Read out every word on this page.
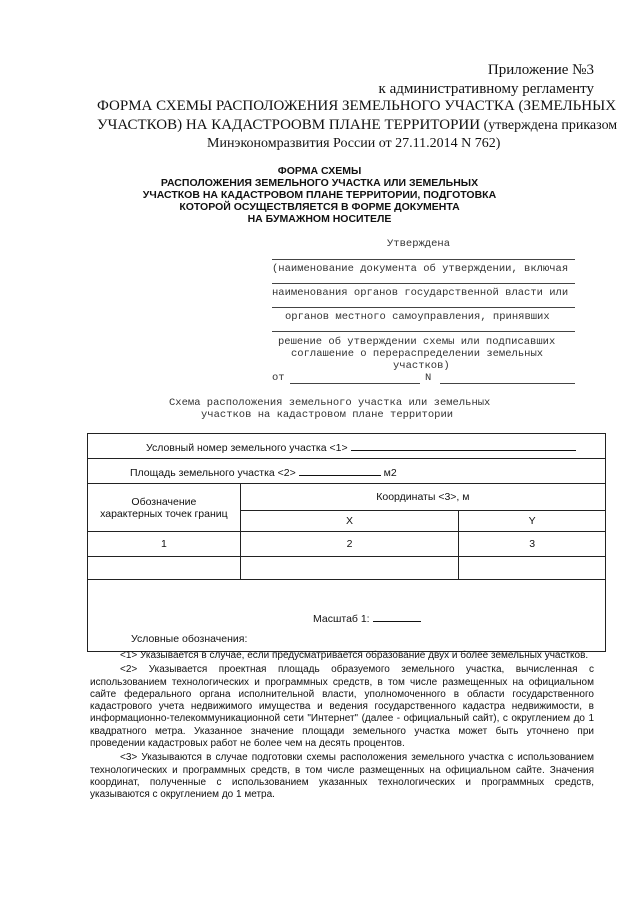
Приложение №3
к административному регламенту
ФОРМА СХЕМЫ РАСПОЛОЖЕНИЯ ЗЕМЕЛЬНОГО УЧАСТКА (ЗЕМЕЛЬНЫХ
УЧАСТКОВ) НА КАДАСТРООВМ ПЛАНЕ ТЕРРИТОРИИ (утверждена приказом
Минэкономразвития России от 27.11.2014 N 762)
ФОРМА СХЕМЫ
РАСПОЛОЖЕНИЯ ЗЕМЕЛЬНОГО УЧАСТКА ИЛИ ЗЕМЕЛЬНЫХ
УЧАСТКОВ НА КАДАСТРОВОМ ПЛАНЕ ТЕРРИТОРИИ, ПОДГОТОВКА
КОТОРОЙ ОСУЩЕСТВЛЯЕТСЯ В ФОРМЕ ДОКУМЕНТА
НА БУМАЖНОМ НОСИТЕЛЕ
Утверждена
(наименование документа об утверждении, включая
наименования органов государственной власти или
органов местного самоуправления, принявших
решение об утверждении схемы или подписавших
соглашение о перераспределении земельных
участков)
от	N
Схема расположения земельного участка или земельных
участков на кадастровом плане территории
Условный номер земельного участка <1>		
Площадь земельного участка <2> м2		

Обозначение
характерных точек границ	Координаты <3>, м	
	X	Y
1	2	3

Масштаб 1:
Условные обозначения:		

<1> Указывается в случае, если предусматривается образование двух и более земельных участков.

<2> Указывается проектная площадь образуемого земельного участка, вычисленная с использованием технологических и программных средств, в том числе размещенных на официальном сайте федерального органа исполнительной власти, уполномоченного в области государственного кадастрового учета недвижимого имущества и ведения государственного кадастра недвижимости, в информационно-телекоммуникационной сети "Интернет" (далее - официальный сайт), с округлением до 1 квадратного метра. Указанное значение площади земельного участка может быть уточнено при проведении кадастровых работ не более чем на десять процентов.

<3> Указываются в случае подготовки схемы расположения земельного участка с использованием технологических и программных средств, в том числе размещенных на официальном сайте. Значения координат, полученные с использованием указанных технологических и программных средств, указываются с округлением до 1 метра.
